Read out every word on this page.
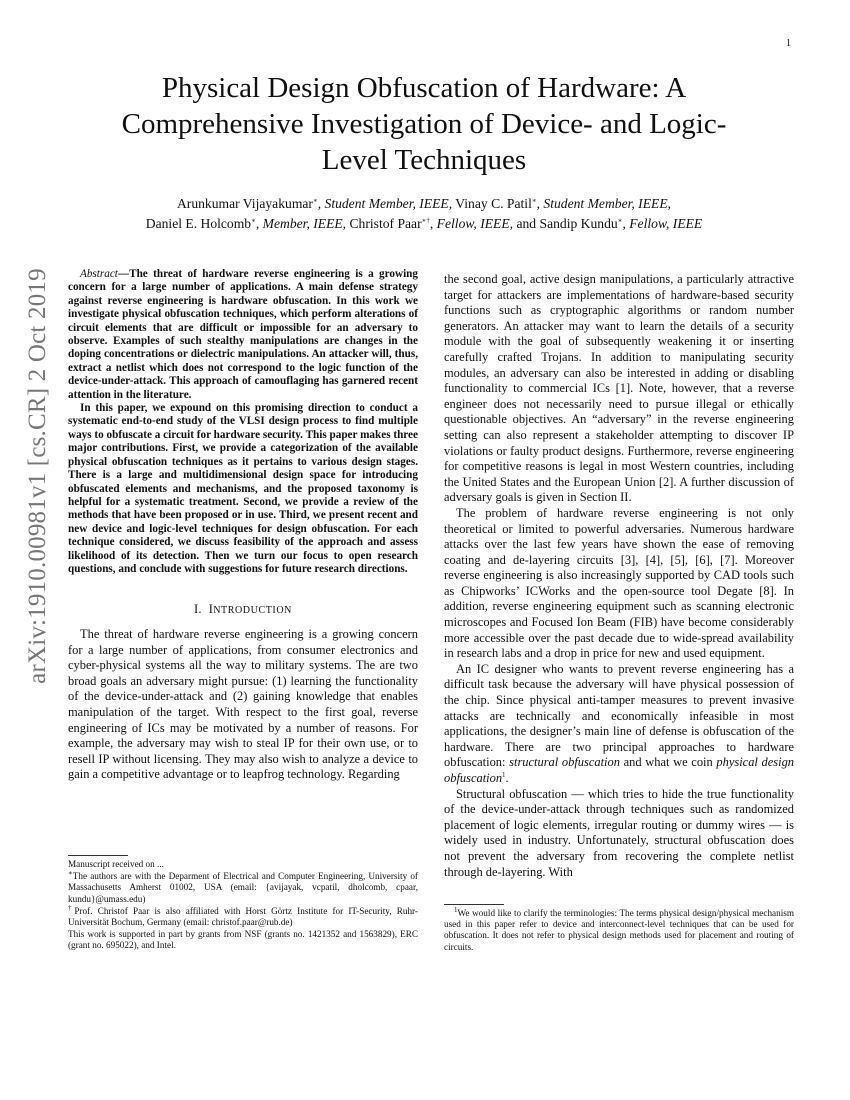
1
arXiv:1910.00981v1 [cs.CR] 2 Oct 2019
Physical Design Obfuscation of Hardware: A Comprehensive Investigation of Device- and Logic-Level Techniques
Arunkumar Vijayakumar∗, Student Member, IEEE, Vinay C. Patil∗, Student Member, IEEE,
Daniel E. Holcomb∗, Member, IEEE, Christof Paar∗†, Fellow, IEEE, and Sandip Kundu∗, Fellow, IEEE

Abstract—The threat of hardware reverse engineering is a growing concern for a large number of applications. A main defense strategy against reverse engineering is hardware obfuscation. In this work we investigate physical obfuscation techniques, which perform alterations of circuit elements that are difficult or impossible for an adversary to observe. Examples of such stealthy manipulations are changes in the doping concentrations or dielectric manipulations. An attacker will, thus, extract a netlist which does not correspond to the logic function of the device-under-attack. This approach of camouflaging has garnered recent attention in the literature.

In this paper, we expound on this promising direction to conduct a systematic end-to-end study of the VLSI design process to find multiple ways to obfuscate a circuit for hardware security. This paper makes three major contributions. First, we provide a categorization of the available physical obfuscation techniques as it pertains to various design stages. There is a large and multidimensional design space for introducing obfuscated elements and mechanisms, and the proposed taxonomy is helpful for a systematic treatment. Second, we provide a review of the methods that have been proposed or in use. Third, we present recent and new device and logic-level techniques for design obfuscation. For each technique considered, we discuss feasibility of the approach and assess likelihood of its detection. Then we turn our focus to open research questions, and conclude with suggestions for future research directions.

I. INTRODUCTION

The threat of hardware reverse engineering is a growing concern for a large number of applications, from consumer electronics and cyber-physical systems all the way to military systems. The are two broad goals an adversary might pursue: (1) learning the functionality of the device-under-attack and (2) gaining knowledge that enables manipulation of the target. With respect to the first goal, reverse engineering of ICs may be motivated by a number of reasons. For example, the adversary may wish to steal IP for their own use, or to resell IP without licensing. They may also wish to analyze a device to gain a competitive advantage or to leapfrog technology. Regarding

Manuscript received on ...

∗The authors are with the Deparment of Electrical and Computer Engineering, University of Massachusetts Amherst 01002, USA (email: {avijayak, vcpatil, dholcomb, cpaar, kundu}@umass.edu)

†Prof. Christof Paar is also affiliated with Horst Görtz Institute for IT-Security, Ruhr-Universität Bochum, Germany (email: christof.paar@rub.de)

This work is supported in part by grants from NSF (grants no. 1421352 and 1563829), ERC (grant no. 695022), and Intel.

the second goal, active design manipulations, a particularly attractive target for attackers are implementations of hardware-based security functions such as cryptographic algorithms or random number generators. An attacker may want to learn the details of a security module with the goal of subsequently weakening it or inserting carefully crafted Trojans. In addition to manipulating security modules, an adversary can also be interested in adding or disabling functionality to commercial ICs [1]. Note, however, that a reverse engineer does not necessarily need to pursue illegal or ethically questionable objectives. An “adversary” in the reverse engineering setting can also represent a stakeholder attempting to discover IP violations or faulty product designs. Furthermore, reverse engineering for competitive reasons is legal in most Western countries, including the United States and the European Union [2]. A further discussion of adversary goals is given in Section II.

The problem of hardware reverse engineering is not only theoretical or limited to powerful adversaries. Numerous hardware attacks over the last few years have shown the ease of removing coating and de-layering circuits [3], [4], [5], [6], [7]. Moreover reverse engineering is also increasingly supported by CAD tools such as Chipworks’ ICWorks and the open-source tool Degate [8]. In addition, reverse engineering equipment such as scanning electronic microscopes and Focused Ion Beam (FIB) have become considerably more accessible over the past decade due to wide-spread availability in research labs and a drop in price for new and used equipment.

An IC designer who wants to prevent reverse engineering has a difficult task because the adversary will have physical possession of the chip. Since physical anti-tamper measures to prevent invasive attacks are technically and economically infeasible in most applications, the designer’s main line of defense is obfuscation of the hardware. There are two principal approaches to hardware obfuscation: structural obfuscation and what we coin physical design obfuscation$^1$.

Structural obfuscation — which tries to hide the true functionality of the device-under-attack through techniques such as randomized placement of logic elements, irregular routing or dummy wires — is widely used in industry. Unfortunately, structural obfuscation does not prevent the adversary from recovering the complete netlist through de-layering. With

$^1$We would like to clarify the terminologies: The terms physical design/physical mechanism used in this paper refer to device and interconnect-level techniques that can be used for obfuscation. It does not refer to physical design methods used for placement and routing of circuits.
